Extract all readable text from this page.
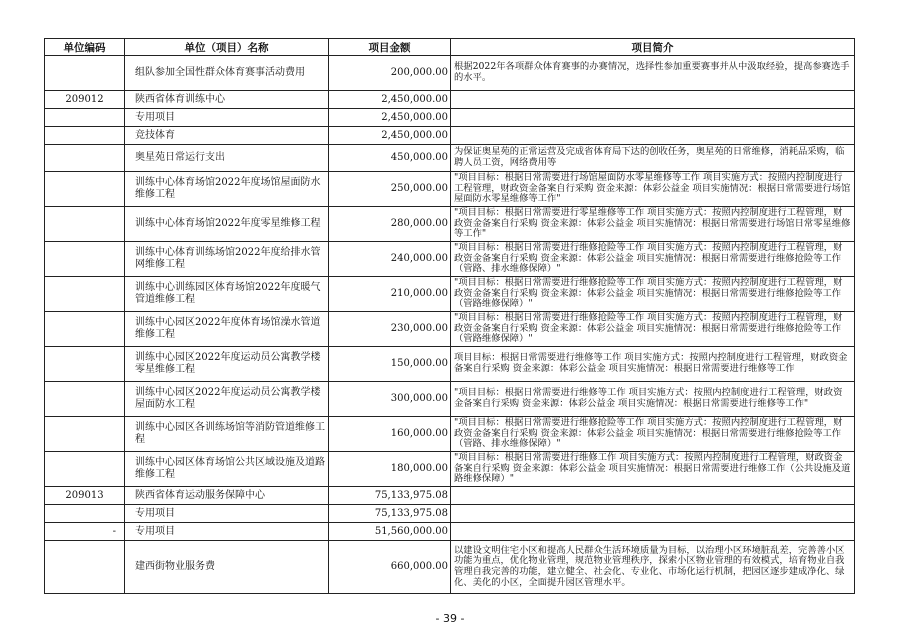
单位编码	单位（项目）名称	项目金额	项目简介
	组队参加全国性群众体育赛事活动费用	200,000.00	根据2022年各项群众体育赛事的办赛情况，选择性参加重要赛事并从中汲取经验，提高参赛选手的水平。
209012	陕西省体育训练中心	2,450,000.00	
	专用项目	2,450,000.00	
	竞技体育	2,450,000.00	
	奥星苑日常运行支出	450,000.00	为保证奥星苑的正常运营及完成省体育局下达的创收任务，奥星苑的日常维修，消耗品采购，临聘人员工资，网络费用等
	训练中心体育场馆2022年度场馆屋面防水维修工程	250,000.00	"项目目标：根据日常需要进行场馆屋面防水零星维修等工作 项目实施方式：按照内控制度进行工程管理，财政资金备案自行采购 资金来源：体彩公益金 项目实施情况：根据日常需要进行场馆屋面防水零星维修等工作"
	训练中心体育场馆2022年度零星维修工程	280,000.00	"项目目标：根据日常需要进行零星维修等工作 项目实施方式：按照内控制度进行工程管理，财政资金备案自行采购 资金来源：体彩公益金 项目实施情况：根据日常需要进行场馆日常零星维修等工作"
	训练中心体育训练场馆2022年度给排水管网维修工程	240,000.00	"项目目标：根据日常需要进行维修抢险等工作 项目实施方式：按照内控制度进行工程管理，财政资金备案自行采购 资金来源：体彩公益金 项目实施情况：根据日常需要进行维修抢险等工作（管路、排水维修保障）"
	训练中心训练园区体育场馆2022年度暖气管道维修工程	210,000.00	"项目目标：根据日常需要进行维修抢险等工作 项目实施方式：按照内控制度进行工程管理，财政资金备案自行采购 资金来源：体彩公益金 项目实施情况：根据日常需要进行维修抢险等工作（管路维修保障）"
	训练中心园区2022年度体育场馆澡水管道维修工程	230,000.00	"项目目标：根据日常需要进行维修抢险等工作 项目实施方式：按照内控制度进行工程管理，财政资金备案自行采购 资金来源：体彩公益金 项目实施情况：根据日常需要进行维修抢险等工作（管路维修保障）"
	训练中心园区2022年度运动员公寓教学楼零星维修工程	150,000.00	项目目标：根据日常需要进行维修等工作 项目实施方式：按照内控制度进行工程管理，财政资金备案自行采购 资金来源：体彩公益金 项目实施情况：根据日常需要进行维修等工作
	训练中心园区2022年度运动员公寓教学楼屋面防水工程	300,000.00	"项目目标：根据日常需要进行维修等工作 项目实施方式：按照内控制度进行工程管理，财政资金备案自行采购 资金来源：体彩公益金 项目实施情况：根据日常需要进行维修等工作"
	训练中心园区各训练场馆等消防管道维修工程	160,000.00	"项目目标：根据日常需要进行维修抢险等工作 项目实施方式：按照内控制度进行工程管理，财政资金备案自行采购 资金来源：体彩公益金 项目实施情况：根据日常需要进行维修抢险等工作（管路、排水维修保障）"
	训练中心园区体育场馆公共区域设施及道路维修工程	180,000.00	"项目目标：根据日常需要进行维修工作 项目实施方式：按照内控制度进行工程管理，财政资金备案自行采购 资金来源：体彩公益金 项目实施情况：根据日常需要进行维修工作（公共设施及道路维修保障）"
209013	陕西省体育运动服务保障中心	75,133,975.08	
	专用项目	75,133,975.08	
-	专用项目	51,560,000.00	
	建西街物业服务费	660,000.00	以建设文明住宅小区和提高人民群众生活环境质量为目标，以治理小区环境脏乱差，完善善小区功能为重点，优化物业管理，规范物业管理秩序，探索小区物业管理的有效模式，培育物业自我管理自我完善的功能，建立健全、社会化、专业化、市场化运行机制，把园区逐步建成净化、绿化、美化的小区，全面提升园区管理水平。
- 39 -
